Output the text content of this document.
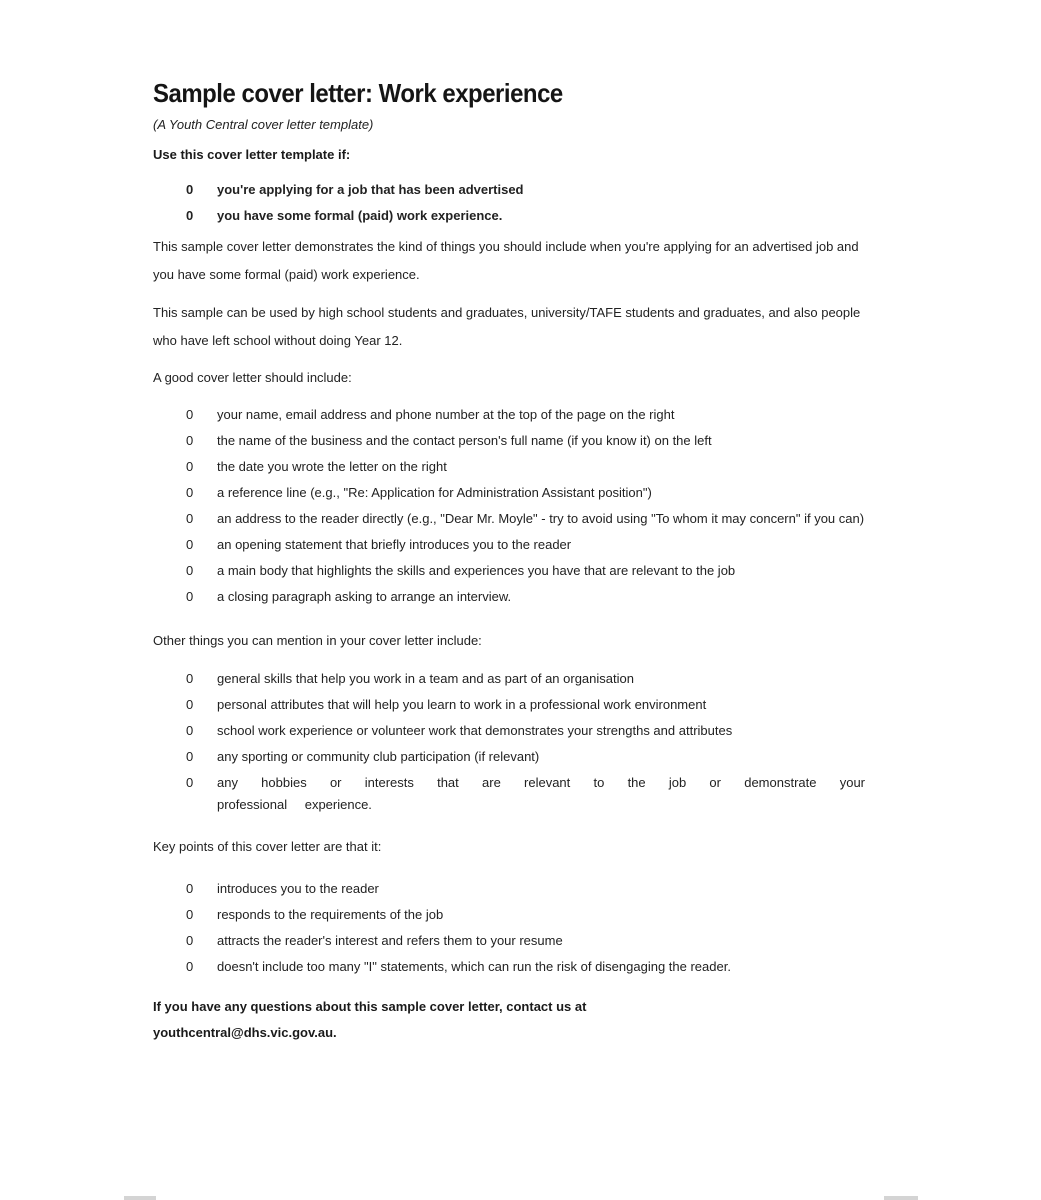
Sample cover letter: Work experience

(A Youth Central cover letter template)

Use this cover letter template if:

0 you're applying for a job that has been advertised
0 you have some formal (paid) work experience.

This sample cover letter demonstrates the kind of things you should include when you're applying for an advertised job and you have some formal (paid) work experience.

This sample can be used by high school students and graduates, university/TAFE students and graduates, and also people who have left school without doing Year 12.

A good cover letter should include:

0 your name, email address and phone number at the top of the page on the right
0 the name of the business and the contact person's full name (if you know it) on the left
0 the date you wrote the letter on the right
0 a reference line (e.g., "Re: Application for Administration Assistant position")
0 an address to the reader directly (e.g., "Dear Mr. Moyle" - try to avoid using "To whom it may concern" if you can)
0 an opening statement that briefly introduces you to the reader
0 a main body that highlights the skills and experiences you have that are relevant to the job
0 a closing paragraph asking to arrange an interview.

Other things you can mention in your cover letter include:

0 general skills that help you work in a team and as part of an organisation
0 personal attributes that will help you learn to work in a professional work environment
0 school work experience or volunteer work that demonstrates your strengths and attributes
0 any sporting or community club participation (if relevant)
0 any hobbies or interests that are relevant to the job or demonstrate your professional experience.

Key points of this cover letter are that it:

0 introduces you to the reader
0 responds to the requirements of the job
0 attracts the reader's interest and refers them to your resume
0 doesn't include too many "I" statements, which can run the risk of disengaging the reader.

If you have any questions about this sample cover letter, contact us at

youthcentral@dhs.vic.gov.au.
